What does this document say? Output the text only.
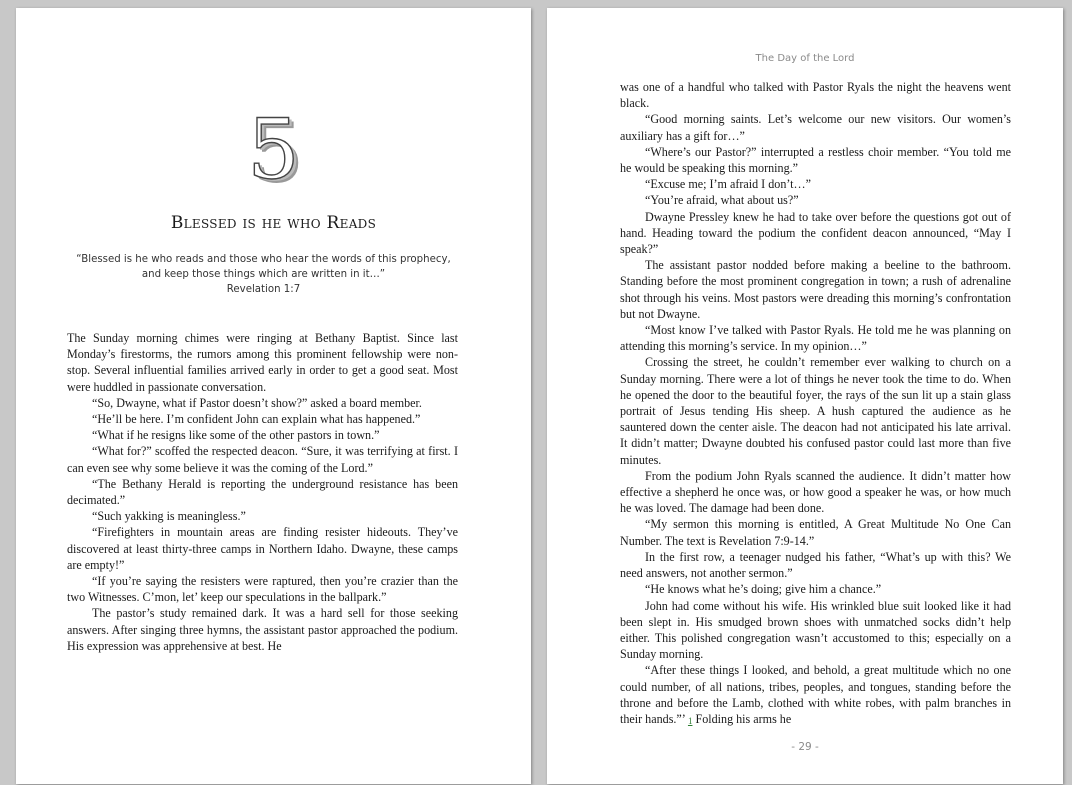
5
Blessed is he who Reads
“Blessed is he who reads and those who hear the words of this prophecy, and keep those things which are written in it…”
Revelation 1:7

The Sunday morning chimes were ringing at Bethany Baptist. Since last Monday’s firestorms, the rumors among this prominent fellowship were non-stop. Several influential families arrived early in order to get a good seat. Most were huddled in passionate conversation.

“So, Dwayne, what if Pastor doesn’t show?” asked a board member.

“He’ll be here. I’m confident John can explain what has happened.”

“What if he resigns like some of the other pastors in town.”

“What for?” scoffed the respected deacon. “Sure, it was terrifying at first. I can even see why some believe it was the coming of the Lord.”

“The Bethany Herald is reporting the underground resistance has been decimated.”

“Such yakking is meaningless.”

“Firefighters in mountain areas are finding resister hideouts. They’ve discovered at least thirty-three camps in Northern Idaho. Dwayne, these camps are empty!”

“If you’re saying the resisters were raptured, then you’re crazier than the two Witnesses. C’mon, let’ keep our speculations in the ballpark.”

The pastor’s study remained dark. It was a hard sell for those seeking answers. After singing three hymns, the assistant pastor approached the podium. His expression was apprehensive at best. He

The Day of the Lord

was one of a handful who talked with Pastor Ryals the night the heavens went black.

“Good morning saints. Let’s welcome our new visitors. Our women’s auxiliary has a gift for…”

“Where’s our Pastor?” interrupted a restless choir member. “You told me he would be speaking this morning.”

“Excuse me; I’m afraid I don’t…”

“You’re afraid, what about us?”

Dwayne Pressley knew he had to take over before the questions got out of hand. Heading toward the podium the confident deacon announced, “May I speak?”

The assistant pastor nodded before making a beeline to the bathroom. Standing before the most prominent congregation in town; a rush of adrenaline shot through his veins. Most pastors were dreading this morning’s confrontation but not Dwayne.

“Most know I’ve talked with Pastor Ryals. He told me he was planning on attending this morning’s service. In my opinion…”

Crossing the street, he couldn’t remember ever walking to church on a Sunday morning. There were a lot of things he never took the time to do. When he opened the door to the beautiful foyer, the rays of the sun lit up a stain glass portrait of Jesus tending His sheep. A hush captured the audience as he sauntered down the center aisle. The deacon had not anticipated his late arrival. It didn’t matter; Dwayne doubted his confused pastor could last more than five minutes.

From the podium John Ryals scanned the audience. It didn’t matter how effective a shepherd he once was, or how good a speaker he was, or how much he was loved. The damage had been done.

“My sermon this morning is entitled, A Great Multitude No One Can Number. The text is Revelation 7:9-14.”

In the first row, a teenager nudged his father, “What’s up with this? We need answers, not another sermon.”

“He knows what he’s doing; give him a chance.”

John had come without his wife. His wrinkled blue suit looked like it had been slept in. His smudged brown shoes with unmatched socks didn’t help either. This polished congregation wasn’t accustomed to this; especially on a Sunday morning.

“After these things I looked, and behold, a great multitude which no one could number, of all nations, tribes, peoples, and tongues, standing before the throne and before the Lamb, clothed with white robes, with palm branches in their hands.”’ 1 Folding his arms he

- 29 -
